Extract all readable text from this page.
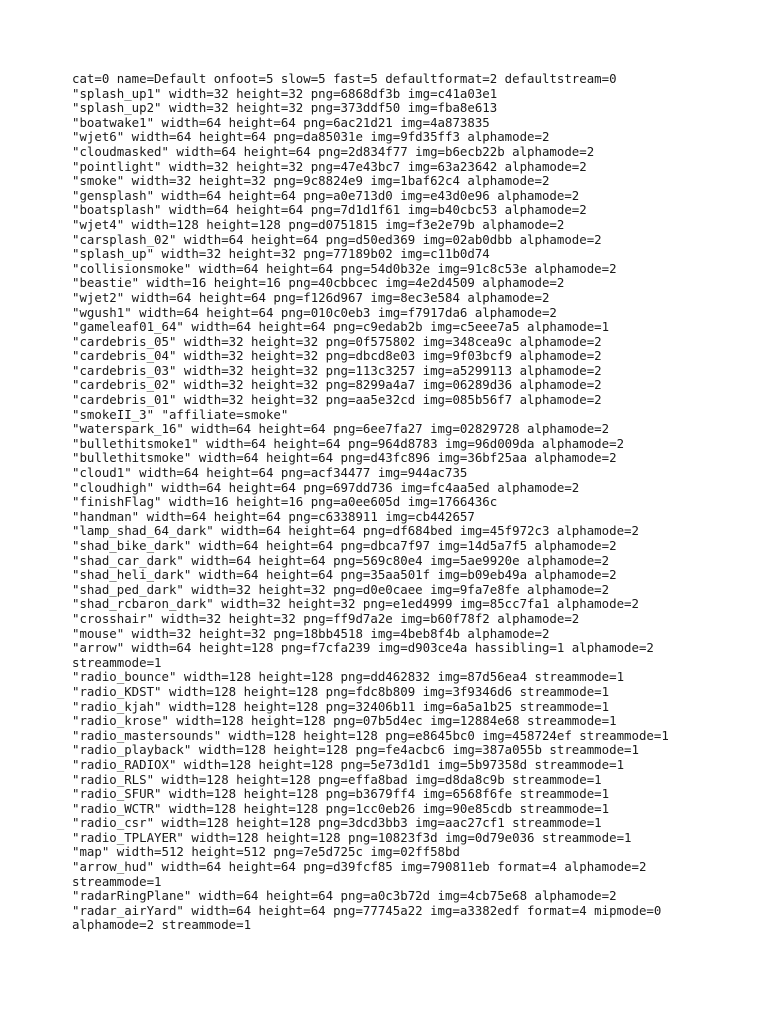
cat=0 name=Default onfoot=5 slow=5 fast=5 defaultformat=2 defaultstream=0
"splash_up1" width=32 height=32 png=6868df3b img=c41a03e1
"splash_up2" width=32 height=32 png=373ddf50 img=fba8e613
"boatwake1" width=64 height=64 png=6ac21d21 img=4a873835
"wjet6" width=64 height=64 png=da85031e img=9fd35ff3 alphamode=2
"cloudmasked" width=64 height=64 png=2d834f77 img=b6ecb22b alphamode=2
"pointlight" width=32 height=32 png=47e43bc7 img=63a23642 alphamode=2
"smoke" width=32 height=32 png=9c8824e9 img=1baf62c4 alphamode=2
"gensplash" width=64 height=64 png=a0e713d0 img=e43d0e96 alphamode=2
"boatsplash" width=64 height=64 png=7d1d1f61 img=b40cbc53 alphamode=2
"wjet4" width=128 height=128 png=d0751815 img=f3e2e79b alphamode=2
"carsplash_02" width=64 height=64 png=d50ed369 img=02ab0dbb alphamode=2
"splash_up" width=32 height=32 png=77189b02 img=c11b0d74
"collisionsmoke" width=64 height=64 png=54d0b32e img=91c8c53e alphamode=2
"beastie" width=16 height=16 png=40cbbcec img=4e2d4509 alphamode=2
"wjet2" width=64 height=64 png=f126d967 img=8ec3e584 alphamode=2
"wgush1" width=64 height=64 png=010c0eb3 img=f7917da6 alphamode=2
"gameleaf01_64" width=64 height=64 png=c9edab2b img=c5eee7a5 alphamode=1
"cardebris_05" width=32 height=32 png=0f575802 img=348cea9c alphamode=2
"cardebris_04" width=32 height=32 png=dbcd8e03 img=9f03bcf9 alphamode=2
"cardebris_03" width=32 height=32 png=113c3257 img=a5299113 alphamode=2
"cardebris_02" width=32 height=32 png=8299a4a7 img=06289d36 alphamode=2
"cardebris_01" width=32 height=32 png=aa5e32cd img=085b56f7 alphamode=2
"smokeII_3" "affiliate=smoke"
"waterspark_16" width=64 height=64 png=6ee7fa27 img=02829728 alphamode=2
"bullethitsmoke1" width=64 height=64 png=964d8783 img=96d009da alphamode=2
"bullethitsmoke" width=64 height=64 png=d43fc896 img=36bf25aa alphamode=2
"cloud1" width=64 height=64 png=acf34477 img=944ac735
"cloudhigh" width=64 height=64 png=697dd736 img=fc4aa5ed alphamode=2
"finishFlag" width=16 height=16 png=a0ee605d img=1766436c
"handman" width=64 height=64 png=c6338911 img=cb442657
"lamp_shad_64_dark" width=64 height=64 png=df684bed img=45f972c3 alphamode=2
"shad_bike_dark" width=64 height=64 png=dbca7f97 img=14d5a7f5 alphamode=2
"shad_car_dark" width=64 height=64 png=569c80e4 img=5ae9920e alphamode=2
"shad_heli_dark" width=64 height=64 png=35aa501f img=b09eb49a alphamode=2
"shad_ped_dark" width=32 height=32 png=d0e0caee img=9fa7e8fe alphamode=2
"shad_rcbaron_dark" width=32 height=32 png=e1ed4999 img=85cc7fa1 alphamode=2
"crosshair" width=32 height=32 png=ff9d7a2e img=b60f78f2 alphamode=2
"mouse" width=32 height=32 png=18bb4518 img=4beb8f4b alphamode=2
"arrow" width=64 height=128 png=f7cfa239 img=d903ce4a hassibling=1 alphamode=2
streammode=1
"radio_bounce" width=128 height=128 png=dd462832 img=87d56ea4 streammode=1
"radio_KDST" width=128 height=128 png=fdc8b809 img=3f9346d6 streammode=1
"radio_kjah" width=128 height=128 png=32406b11 img=6a5a1b25 streammode=1
"radio_krose" width=128 height=128 png=07b5d4ec img=12884e68 streammode=1
"radio_mastersounds" width=128 height=128 png=e8645bc0 img=458724ef streammode=1
"radio_playback" width=128 height=128 png=fe4acbc6 img=387a055b streammode=1
"radio_RADIOX" width=128 height=128 png=5e73d1d1 img=5b97358d streammode=1
"radio_RLS" width=128 height=128 png=effa8bad img=d8da8c9b streammode=1
"radio_SFUR" width=128 height=128 png=b3679ff4 img=6568f6fe streammode=1
"radio_WCTR" width=128 height=128 png=1cc0eb26 img=90e85cdb streammode=1
"radio_csr" width=128 height=128 png=3dcd3bb3 img=aac27cf1 streammode=1
"radio_TPLAYER" width=128 height=128 png=10823f3d img=0d79e036 streammode=1
"map" width=512 height=512 png=7e5d725c img=02ff58bd
"arrow_hud" width=64 height=64 png=d39fcf85 img=790811eb format=4 alphamode=2
streammode=1
"radarRingPlane" width=64 height=64 png=a0c3b72d img=4cb75e68 alphamode=2
"radar_airYard" width=64 height=64 png=77745a22 img=a3382edf format=4 mipmode=0
alphamode=2 streammode=1
